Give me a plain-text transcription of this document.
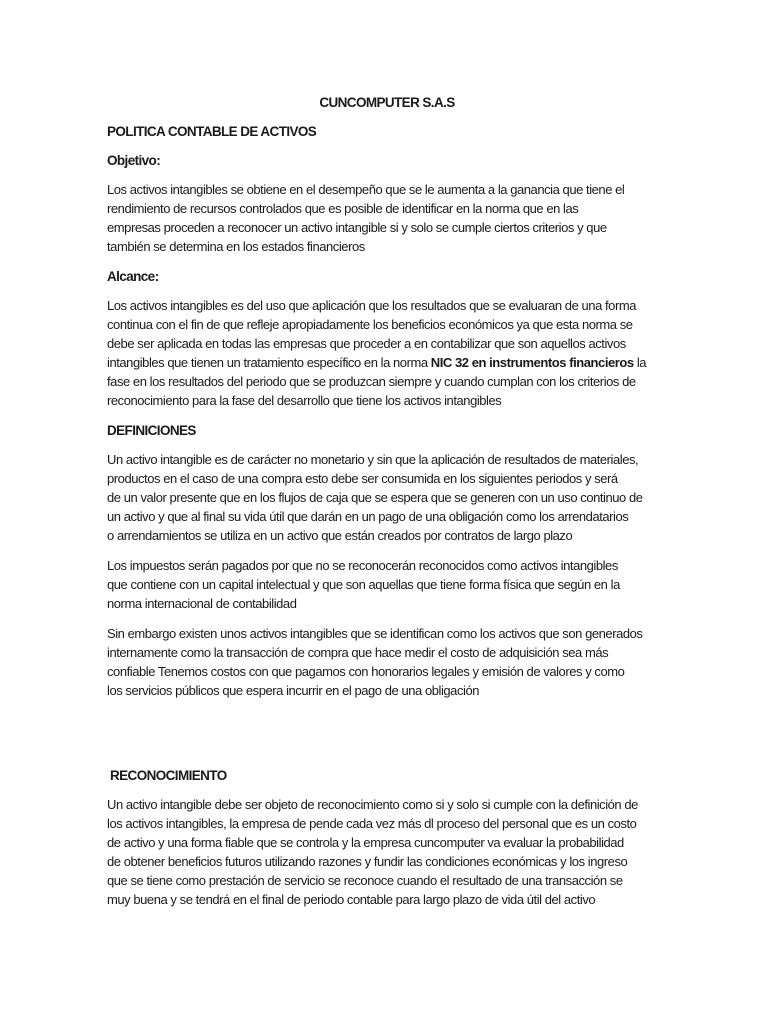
CUNCOMPUTER S.A.S
POLITICA CONTABLE DE ACTIVOS
Objetivo:
Los activos intangibles se obtiene en el desempeño que se le aumenta a la ganancia que tiene el
rendimiento de recursos controlados que es posible de identificar en la norma que en las
empresas proceden a reconocer un activo intangible si y solo se cumple ciertos criterios y que
también se determina en los estados financieros
Alcance:
Los activos intangibles es del uso que aplicación que los resultados que se evaluaran de una forma
continua con el fin de que refleje apropiadamente los beneficios económicos ya que esta norma se
debe ser aplicada en todas las empresas que proceder a en contabilizar que son aquellos activos
intangibles que tienen un tratamiento específico en la norma NIC 32 en instrumentos financieros la
fase en los resultados del periodo que se produzcan siempre y cuando cumplan con los criterios de
reconocimiento para la fase del desarrollo que tiene los activos intangibles
DEFINICIONES
Un activo intangible es de carácter no monetario y sin que la aplicación de resultados de materiales,
productos en el caso de una compra esto debe ser consumida en los siguientes periodos y será
de un valor presente que en los flujos de caja que se espera que se generen con un uso continuo de
un activo y que al final su vida útil que darán en un pago de una obligación como los arrendatarios
o arrendamientos se utiliza en un activo que están creados por contratos de largo plazo
Los impuestos serán pagados por que no se reconocerán reconocidos como activos intangibles
que contiene con un capital intelectual y que son aquellas que tiene forma física que según en la
norma internacional de contabilidad
Sin embargo existen unos activos intangibles que se identifican como los activos que son generados
internamente como la transacción de compra que hace medir el costo de adquisición sea más
confiable Tenemos costos con que pagamos con honorarios legales y emisión de valores y como
los servicios públicos que espera incurrir en el pago de una obligación
RECONOCIMIENTO
Un activo intangible debe ser objeto de reconocimiento como si y solo si cumple con la definición de
los activos intangibles, la empresa de pende cada vez más dl proceso del personal que es un costo
de activo y una forma fiable que se controla y la empresa cuncomputer va evaluar la probabilidad
de obtener beneficios futuros utilizando razones y fundir las condiciones económicas y los ingreso
que se tiene como prestación de servicio se reconoce cuando el resultado de una transacción se
muy buena y se tendrá en el final de periodo contable para largo plazo de vida útil del activo
